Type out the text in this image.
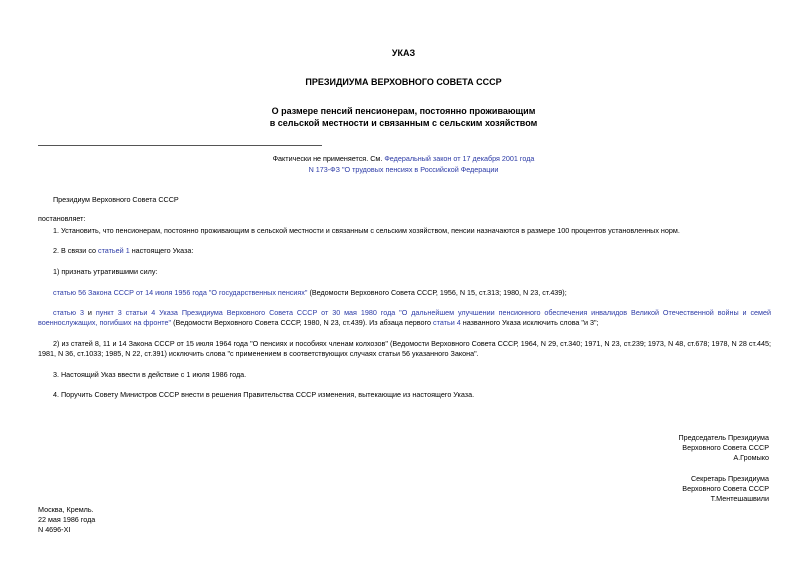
УКАЗ
ПРЕЗИДИУМА ВЕРХОВНОГО СОВЕТА СССР
О размере пенсий пенсионерам, постоянно проживающим
в сельской местности и связанным с сельским хозяйством
Фактически не применяется. См. Федеральный закон от 17 декабря 2001 года
N 173-ФЗ "О трудовых пенсиях в Российской Федерации
Президиум Верховного Совета СССР
постановляет:
1. Установить, что пенсионерам, постоянно проживающим в сельской местности и связанным с сельским хозяйством, пенсии назначаются в размере 100 процентов установленных норм.
2. В связи со статьей 1 настоящего Указа:
1) признать утратившими силу:
статью 56 Закона СССР от 14 июля 1956 года "О государственных пенсиях" (Ведомости Верховного Совета СССР, 1956, N 15, ст.313; 1980, N 23, ст.439);
статью 3 и пункт 3 статьи 4 Указа Президиума Верховного Совета СССР от 30 мая 1980 года "О дальнейшем улучшении пенсионного обеспечения инвалидов Великой Отечественной войны и семей военнослужащих, погибших на фронте" (Ведомости Верховного Совета СССР, 1980, N 23, ст.439). Из абзаца первого статьи 4 названного Указа исключить слова "и 3";
2) из статей 8, 11 и 14 Закона СССР от 15 июля 1964 года "О пенсиях и пособиях членам колхозов" (Ведомости Верховного Совета СССР, 1964, N 29, ст.340; 1971, N 23, ст.239; 1973, N 48, ст.678; 1978, N 28 ст.445; 1981, N 36, ст.1033; 1985, N 22, ст.391) исключить слова "с применением в соответствующих случаях статьи 56 указанного Закона".
3. Настоящий Указ ввести в действие с 1 июля 1986 года.
4. Поручить Совету Министров СССР внести в решения Правительства СССР изменения, вытекающие из настоящего Указа.
Председатель Президиума
Верховного Совета СССР
А.Громыко
Секретарь Президиума
Верховного Совета СССР
Т.Ментешашвили
Москва, Кремль.
22 мая 1986 года
N 4696-XI
